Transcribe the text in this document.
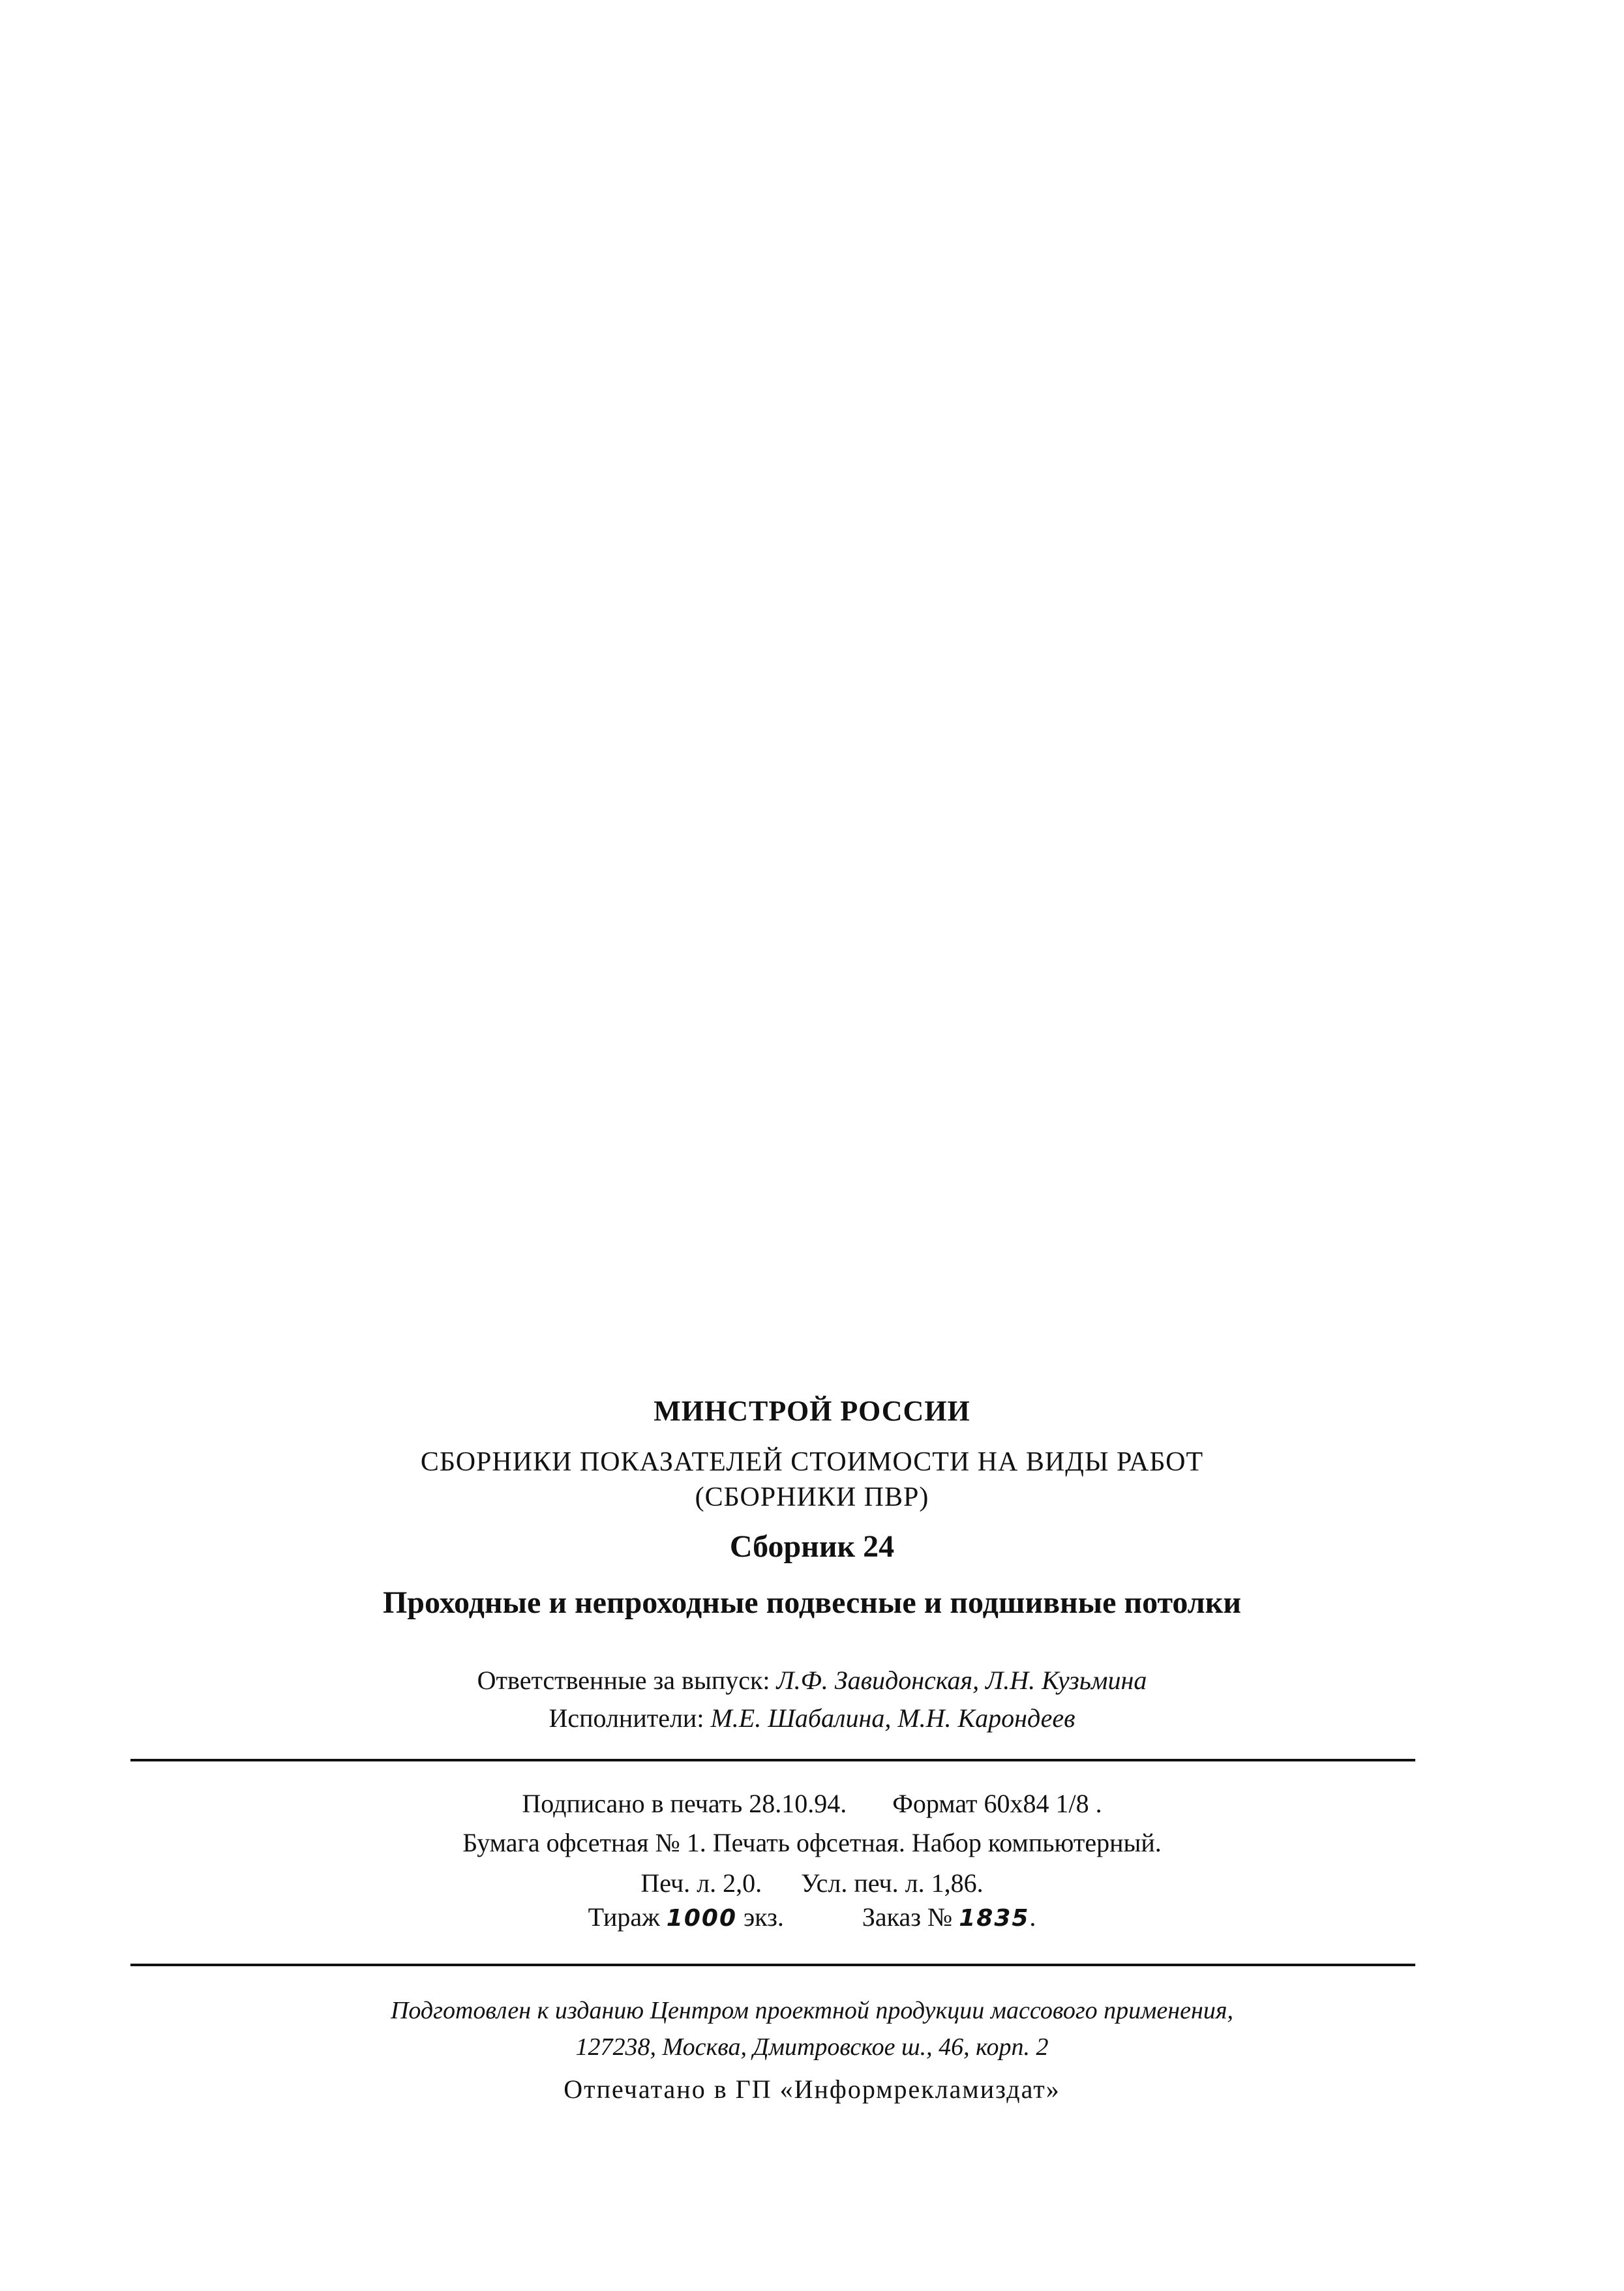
МИНСТРОЙ РОССИИ
СБОРНИКИ ПОКАЗАТЕЛЕЙ СТОИМОСТИ НА ВИДЫ РАБОТ
(СБОРНИКИ ПВР)
Сборник 24
Проходные и непроходные подвесные и подшивные потолки
Ответственные за выпуск: Л.Ф. Завидонская, Л.Н. Кузьмина
Исполнители: М.Е. Шабалина, М.Н. Карондеев
Подписано в печать 28.10.94. Формат 60х84 1/8 .
Бумага офсетная № 1. Печать офсетная. Набор компьютерный.
Печ. л. 2,0. Усл. печ. л. 1,86.
Тираж 1000 экз.	Заказ № 1835.
Подготовлен к изданию Центром проектной продукции массового применения,
127238, Москва, Дмитровское ш., 46, корп. 2
Отпечатано в ГП «Информрекламиздат»
